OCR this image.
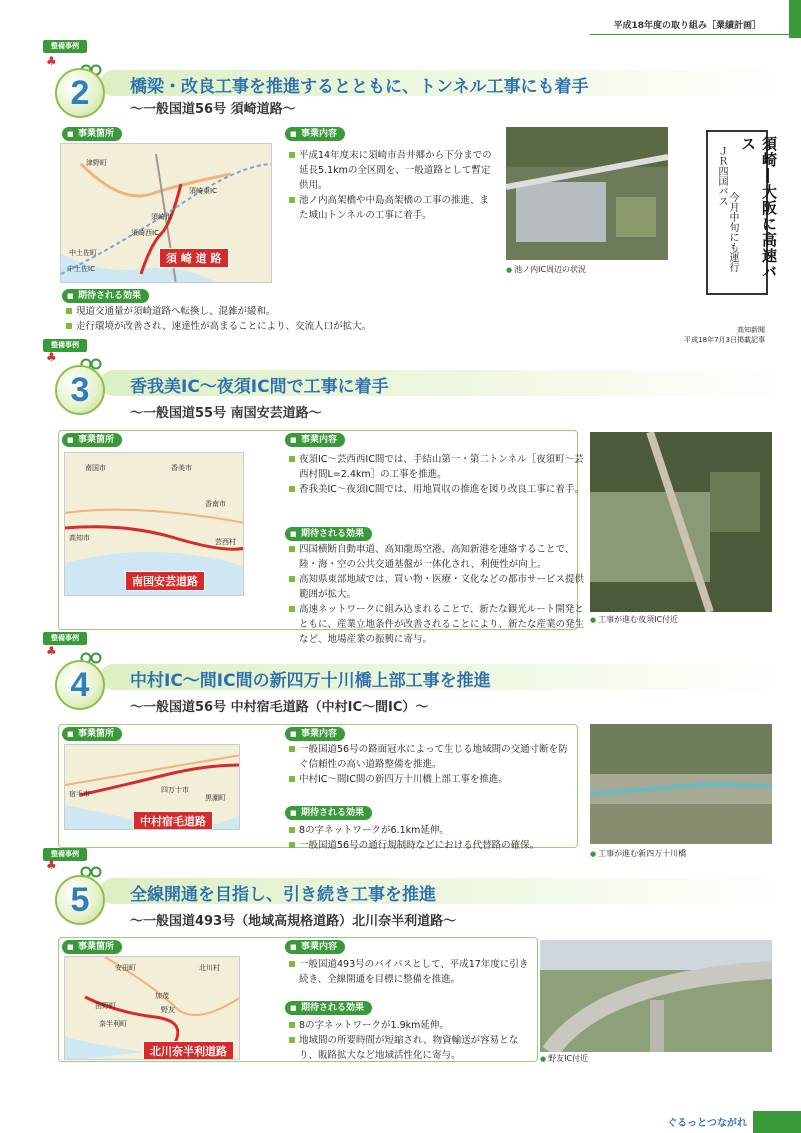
平成18年度の取り組み［業績計画］
整備事例
♣
2	橋梁・改良工事を推進するとともに、トンネル工事にも着手
～一般国道56号 須崎道路～
■ 事業箇所
津野町
須崎東IC
須崎市
須崎西IC
中土佐町
中土佐IC
須 崎 道 路
■ 事業内容
平成14年度末に須崎市吾井郷から下分までの延長5.1kmの全区間を、一般道路として暫定供用。
池ノ内高架橋や中島高架橋の工事の推進、また城山トンネルの工事に着手。
● 池ノ内IC周辺の状況	須崎―大阪に高速バス
ＪＲ四国バス
今月中旬にも運行
高知新聞
平成18年7月3日掲載記事
■ 期待される効果
現道交通量が須崎道路へ転換し、混雑が緩和。
走行環境が改善され、速達性が高まることにより、交流人口が拡大。
整備事例
♣
3	香我美IC～夜須IC間で工事に着手
～一般国道55号 南国安芸道路～
■ 事業箇所
南国市	香美市
香南市
芸西村
高知市
南国安芸道路
■ 事業内容
夜須IC～芸西西IC間では、手結山第一・第二トンネル［夜須町～芸西村間L=2.4km］の工事を推進。
香我美IC～夜須IC間では、用地買収の推進を図り改良工事に着手。
■ 期待される効果
四国横断自動車道、高知龍馬空港、高知新港を連絡することで、陸・海・空の公共交通基盤が一体化され、利便性が向上。
高知県東部地域では、買い物・医療・文化などの都市サービス提供範囲が拡大。
高速ネットワークに組み込まれることで、新たな観光ルート開発とともに、産業立地条件が改善されることにより、新たな産業の発生など、地場産業の振興に寄与。
● 工事が進む夜須IC付近
整備事例
♣
4	中村IC～間IC間の新四万十川橋上部工事を推進
～一般国道56号 中村宿毛道路（中村IC～間IC）～
■ 事業箇所
宿毛市	四万十市
黒潮町
中村宿毛道路
■ 事業内容
一般国道56号の路面冠水によって生じる地域間の交通寸断を防ぐ信頼性の高い道路整備を推進。
中村IC～間IC間の新四万十川橋上部工事を推進。
■ 期待される効果
8の字ネットワークが6.1km延伸。
一般国道56号の通行規制時などにおける代替路の確保。
● 工事が進む新四万十川橋
整備事例
♣
5	全線開通を目指し、引き続き工事を推進
～一般国道493号（地域高規格道路）北川奈半利道路～
■ 事業箇所
安田町	北川村
田野町	野友
奈半利町
加茂
北川奈半利道路
■ 事業内容
一般国道493号のバイパスとして、平成17年度に引き続き、全線開通を目標に整備を推進。
■ 期待される効果
8の字ネットワークが1.9km延伸。
地域間の所要時間が短縮され、物資輸送が容易となり、販路拡大など地域活性化に寄与。
●	野友IC付近
ぐるっとつながれ
